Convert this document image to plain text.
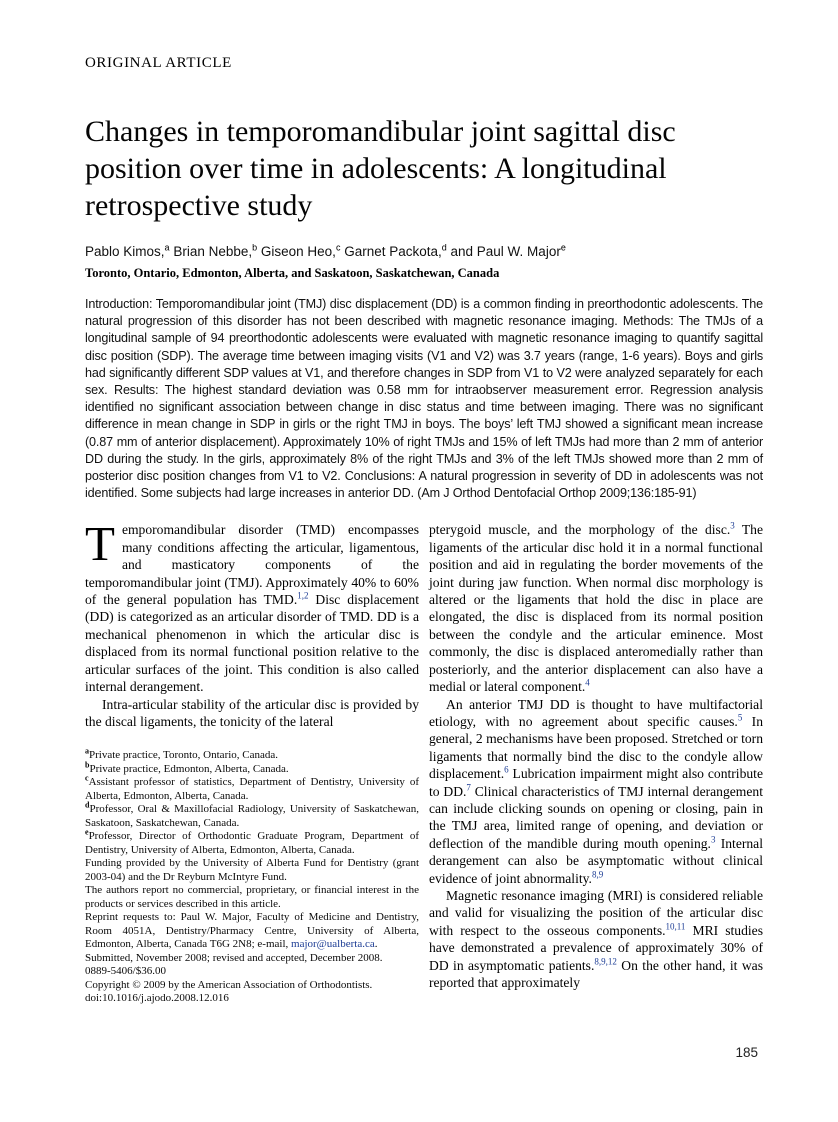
ORIGINAL ARTICLE
Changes in temporomandibular joint sagittal disc
position over time in adolescents: A longitudinal
retrospective study
Pablo Kimos,$^a$ Brian Nebbe,$^b$ Giseon Heo,$^c$ Garnet Packota,$^d$ and Paul W. Major$^e$
Toronto, Ontario, Edmonton, Alberta, and Saskatoon, Saskatchewan, Canada
Introduction: Temporomandibular joint (TMJ) disc displacement (DD) is a common finding in preorthodontic adolescents. The natural progression of this disorder has not been described with magnetic resonance imaging. Methods: The TMJs of a longitudinal sample of 94 preorthodontic adolescents were evaluated with magnetic resonance imaging to quantify sagittal disc position (SDP). The average time between imaging visits (V1 and V2) was 3.7 years (range, 1-6 years). Boys and girls had significantly different SDP values at V1, and therefore changes in SDP from V1 to V2 were analyzed separately for each sex. Results: The highest standard deviation was 0.58 mm for intraobserver measurement error. Regression analysis identified no significant association between change in disc status and time between imaging. There was no significant difference in mean change in SDP in girls or the right TMJ in boys. The boys’ left TMJ showed a significant mean increase (0.87 mm of anterior displacement). Approximately 10% of right TMJs and 15% of left TMJs had more than 2 mm of anterior DD during the study. In the girls, approximately 8% of the right TMJs and 3% of the left TMJs showed more than 2 mm of posterior disc position changes from V1 to V2. Conclusions: A natural progression in severity of DD in adolescents was not identified. Some subjects had large increases in anterior DD. (Am J Orthod Dentofacial Orthop 2009;136:185-91)

Temporomandibular disorder (TMD) encompasses many conditions affecting the articular, ligamentous, and masticatory components of the temporomandibular joint (TMJ). Approximately 40% to 60% of the general population has TMD.$^{1,2}$ Disc displacement (DD) is categorized as an articular disorder of TMD. DD is a mechanical phenomenon in which the articular disc is displaced from its normal functional position relative to the articular surfaces of the joint. This condition is also called internal derangement.

Intra-articular stability of the articular disc is provided by the discal ligaments, the tonicity of the lateral

$^a$Private practice, Toronto, Ontario, Canada.

$^b$Private practice, Edmonton, Alberta, Canada.

$^c$Assistant professor of statistics, Department of Dentistry, University of Alberta, Edmonton, Alberta, Canada.

$^d$Professor, Oral & Maxillofacial Radiology, University of Saskatchewan, Saskatoon, Saskatchewan, Canada.

$^e$Professor, Director of Orthodontic Graduate Program, Department of Dentistry, University of Alberta, Edmonton, Alberta, Canada.

Funding provided by the University of Alberta Fund for Dentistry (grant 2003-04) and the Dr Reyburn McIntyre Fund.

The authors report no commercial, proprietary, or financial interest in the products or services described in this article.

Reprint requests to: Paul W. Major, Faculty of Medicine and Dentistry, Room 4051A, Dentistry/Pharmacy Centre, University of Alberta, Edmonton, Alberta, Canada T6G 2N8; e-mail, major@ualberta.ca.

Submitted, November 2008; revised and accepted, December 2008.

0889-5406/$36.00

Copyright © 2009 by the American Association of Orthodontists.

doi:10.1016/j.ajodo.2008.12.016

pterygoid muscle, and the morphology of the disc.$^3$ The ligaments of the articular disc hold it in a normal functional position and aid in regulating the border movements of the joint during jaw function. When normal disc morphology is altered or the ligaments that hold the disc in place are elongated, the disc is displaced from its normal position between the condyle and the articular eminence. Most commonly, the disc is displaced anteromedially rather than posteriorly, and the anterior displacement can also have a medial or lateral component.$^4$

An anterior TMJ DD is thought to have multifactorial etiology, with no agreement about specific causes.$^5$ In general, 2 mechanisms have been proposed. Stretched or torn ligaments that normally bind the disc to the condyle allow displacement.$^6$ Lubrication impairment might also contribute to DD.$^7$ Clinical characteristics of TMJ internal derangement can include clicking sounds on opening or closing, pain in the TMJ area, limited range of opening, and deviation or deflection of the mandible during mouth opening.$^3$ Internal derangement can also be asymptomatic without clinical evidence of joint abnormality.$^{8,9}$

Magnetic resonance imaging (MRI) is considered reliable and valid for visualizing the position of the articular disc with respect to the osseous components.$^{10,11}$ MRI studies have demonstrated a prevalence of approximately 30% of DD in asymptomatic patients.$^{8,9,12}$ On the other hand, it was reported that approximately

185
